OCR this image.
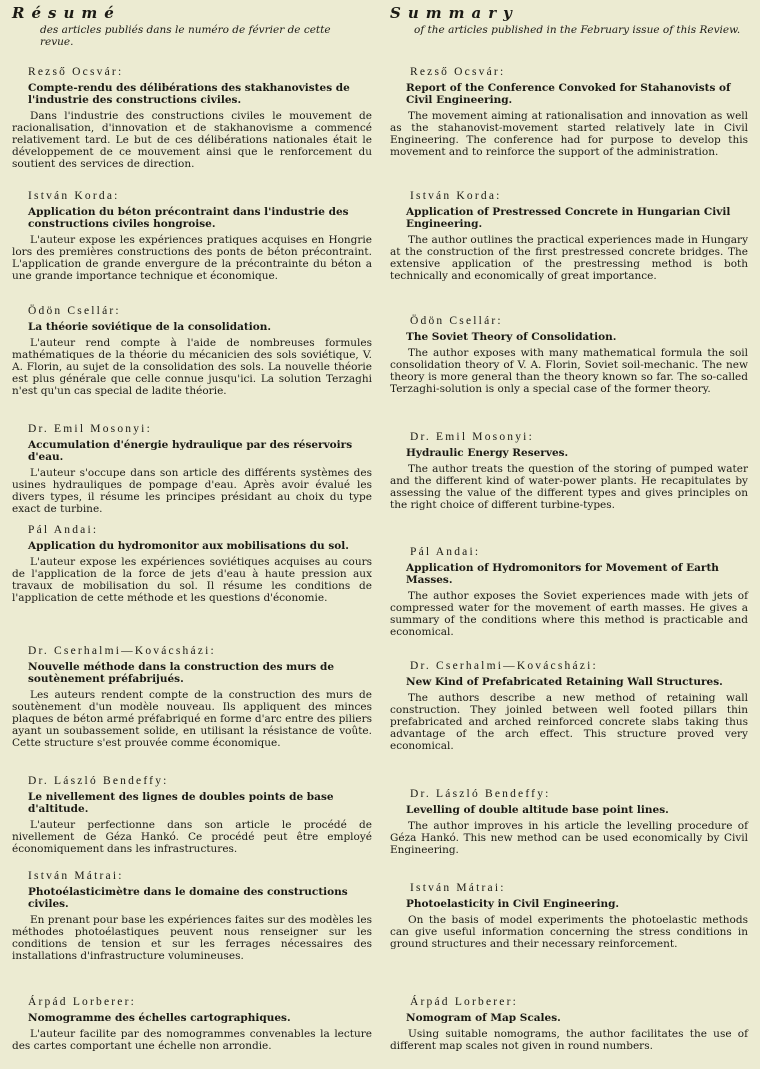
Résumé

des articles publiés dans le numéro de février de cette revue.

Rezső Ocsvár:
Compte-rendu des délibérations des stakhanovistes de l'industrie des constructions civiles.

Dans l'industrie des constructions civiles le mouvement de racionalisation, d'innovation et de stakhanovisme a commencé relativement tard. Le but de ces délibérations nationales était le développement de ce mouvement ainsi que le renforcement du soutient des services de direction.

István Korda:
Application du béton précontraint dans l'industrie des constructions civiles hongroise.

L'auteur expose les expériences pratiques acquises en Hongrie lors des premières constructions des ponts de béton précontraint. L'application de grande envergure de la précontrainte du béton a une grande importance technique et économique.

Ödön Csellár:
La théorie soviétique de la consolidation.

L'auteur rend compte à l'aide de nombreuses formules mathématiques de la théorie du mécanicien des sols soviétique, V. A. Florin, au sujet de la consolidation des sols. La nouvelle théorie est plus générale que celle connue jusqu'ici. La solution Terzaghi n'est qu'un cas special de ladite théorie.

Dr. Emil Mosonyi:
Accumulation d'énergie hydraulique par des réservoirs d'eau.

L'auteur s'occupe dans son article des différents systèmes des usines hydrauliques de pompage d'eau. Après avoir évalué les divers types, il résume les principes présidant au choix du type exact de turbine.

Pál Andai:
Application du hydromonitor aux mobilisations du sol.

L'auteur expose les expériences soviétiques acquises au cours de l'application de la force de jets d'eau à haute pression aux travaux de mobilisation du sol. Il résume les conditions de l'application de cette méthode et les questions d'économie.

Dr. Cserhalmi—Kovácsházi:
Nouvelle méthode dans la construction des murs de soutènement préfabrijués.

Les auteurs rendent compte de la construction des murs de soutènement d'un modèle nouveau. Ils appliquent des minces plaques de béton armé préfabriqué en forme d'arc entre des piliers ayant un soubassement solide, en utilisant la résistance de voûte. Cette structure s'est prouvée comme économique.

Dr. László Bendeffy:
Le nivellement des lignes de doubles points de base d'altitude.

L'auteur perfectionne dans son article le procédé de nivellement de Géza Hankó. Ce procédé peut être employé économiquement dans les infrastructures.

István Mátrai:
Photoélasticimètre dans le domaine des constructions civiles.

En prenant pour base les expériences faites sur des modèles les méthodes photoélastiques peuvent nous renseigner sur les conditions de tension et sur les ferrages nécessaires des installations d'infrastructure volumineuses.

Árpád Lorberer:
Nomogramme des échelles cartographiques.

L'auteur facilite par des nomogrammes convenables la lecture des cartes comportant une échelle non arrondie.

Summary

of the articles published in the February issue of this Review.

Rezső Ocsvár:
Report of the Conference Convoked for Stahanovists of Civil Engineering.

The movement aiming at rationalisation and innovation as well as the stahanovist-movement started relatively late in Civil Engineering. The conference had for purpose to develop this movement and to reinforce the support of the administration.

István Korda:
Application of Prestressed Concrete in Hungarian Civil Engineering.

The author outlines the practical experiences made in Hungary at the construction of the first prestressed concrete bridges. The extensive application of the prestressing method is both technically and economically of great importance.

Ödön Csellár:
The Soviet Theory of Consolidation.

The author exposes with many mathematical formula the soil consolidation theory of V. A. Florin, Soviet soil-mechanic. The new theory is more general than the theory known so far. The so-called Terzaghi-solution is only a special case of the former theory.

Dr. Emil Mosonyi:
Hydraulic Energy Reserves.

The author treats the question of the storing of pumped water and the different kind of water-power plants. He recapitulates by assessing the value of the different types and gives principles on the right choice of different turbine-types.

Pál Andai:
Application of Hydromonitors for Movement of Earth Masses.

The author exposes the Soviet experiences made with jets of compressed water for the movement of earth masses. He gives a summary of the conditions where this method is practicable and economical.

Dr. Cserhalmi—Kovácsházi:
New Kind of Prefabricated Retaining Wall Structures.

The authors describe a new method of retaining wall construction. They joinled between well footed pillars thin prefabricated and arched reinforced concrete slabs taking thus advantage of the arch effect. This structure proved very economical.

Dr. László Bendeffy:
Levelling of double altitude base point lines.

The author improves in his article the levelling procedure of Géza Hankó. This new method can be used economically by Civil Engineering.

István Mátrai:
Photoelasticity in Civil Engineering.

On the basis of model experiments the photoelastic methods can give useful information concerning the stress conditions in ground structures and their necessary reinforcement.

Árpád Lorberer:
Nomogram of Map Scales.

Using suitable nomograms, the author facilitates the use of different map scales not given in round numbers.
